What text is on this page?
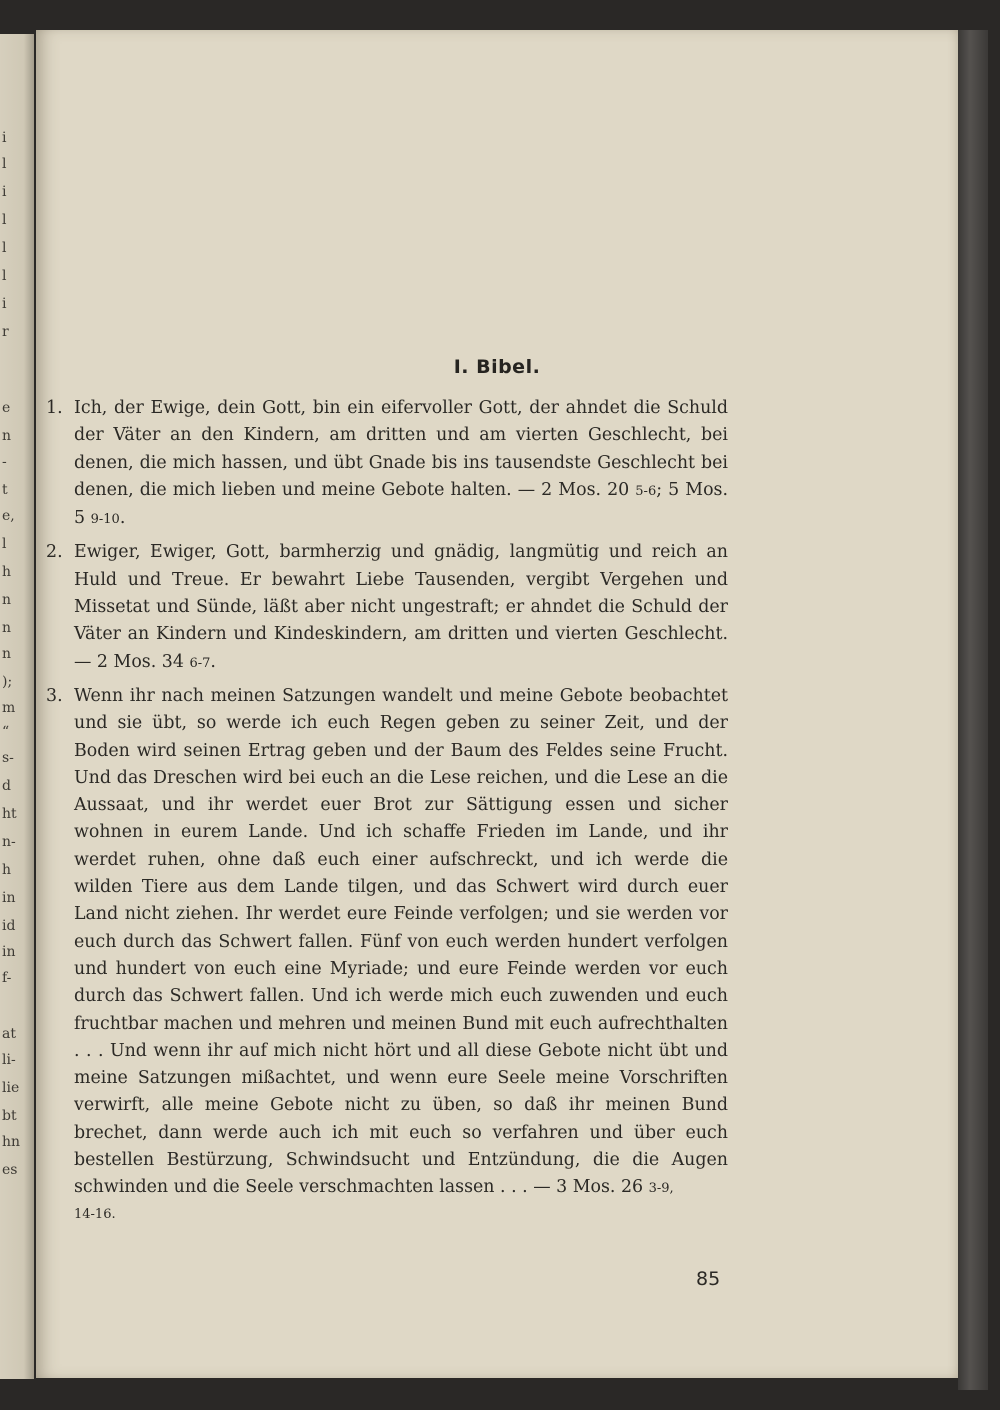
i
l
i
l
l
l
i
r
e
n
-
t
e,
l
h
n
n
n
);
m
“
s-
d
ht
n-
h
in
id
in
f-
at
li-
lie
bt
hn
es
I. Bibel.
1. Ich, der Ewige, dein Gott, bin ein eifervoller Gott, der ahndet die Schuld der Väter an den Kindern, am dritten und am vierten Geschlecht, bei denen, die mich hassen, und übt Gnade bis ins tausendste Geschlecht bei denen, die mich lieben und meine Gebote halten. — 2 Mos. 20 5-6; 5 Mos. 5 9-10.
2. Ewiger, Ewiger, Gott, barmherzig und gnädig, langmütig und reich an Huld und Treue. Er bewahrt Liebe Tausenden, vergibt Vergehen und Missetat und Sünde, läßt aber nicht ungestraft; er ahndet die Schuld der Väter an Kindern und Kindeskindern, am dritten und vierten Geschlecht. — 2 Mos. 34 6-7.
3. Wenn ihr nach meinen Satzungen wandelt und meine Gebote beobachtet und sie übt, so werde ich euch Regen geben zu seiner Zeit, und der Boden wird seinen Ertrag geben und der Baum des Feldes seine Frucht. Und das Dreschen wird bei euch an die Lese reichen, und die Lese an die Aussaat, und ihr werdet euer Brot zur Sättigung essen und sicher wohnen in eurem Lande. Und ich schaffe Frieden im Lande, und ihr werdet ruhen, ohne daß euch einer aufschreckt, und ich werde die wilden Tiere aus dem Lande tilgen, und das Schwert wird durch euer Land nicht ziehen. Ihr werdet eure Feinde verfolgen; und sie werden vor euch durch das Schwert fallen. Fünf von euch werden hundert verfolgen und hundert von euch eine Myriade; und eure Feinde werden vor euch durch das Schwert fallen. Und ich werde mich euch zuwenden und euch fruchtbar machen und mehren und meinen Bund mit euch aufrechthalten . . . Und wenn ihr auf mich nicht hört und all diese Gebote nicht übt und meine Satzungen mißachtet, und wenn eure Seele meine Vorschriften verwirft, alle meine Gebote nicht zu üben, so daß ihr meinen Bund brechet, dann werde auch ich mit euch so verfahren und über euch bestellen Bestürzung, Schwindsucht und Entzündung, die die Augen schwinden und die Seele verschmachten lassen . . . — 3 Mos. 26 3-9,
14-16.
85
